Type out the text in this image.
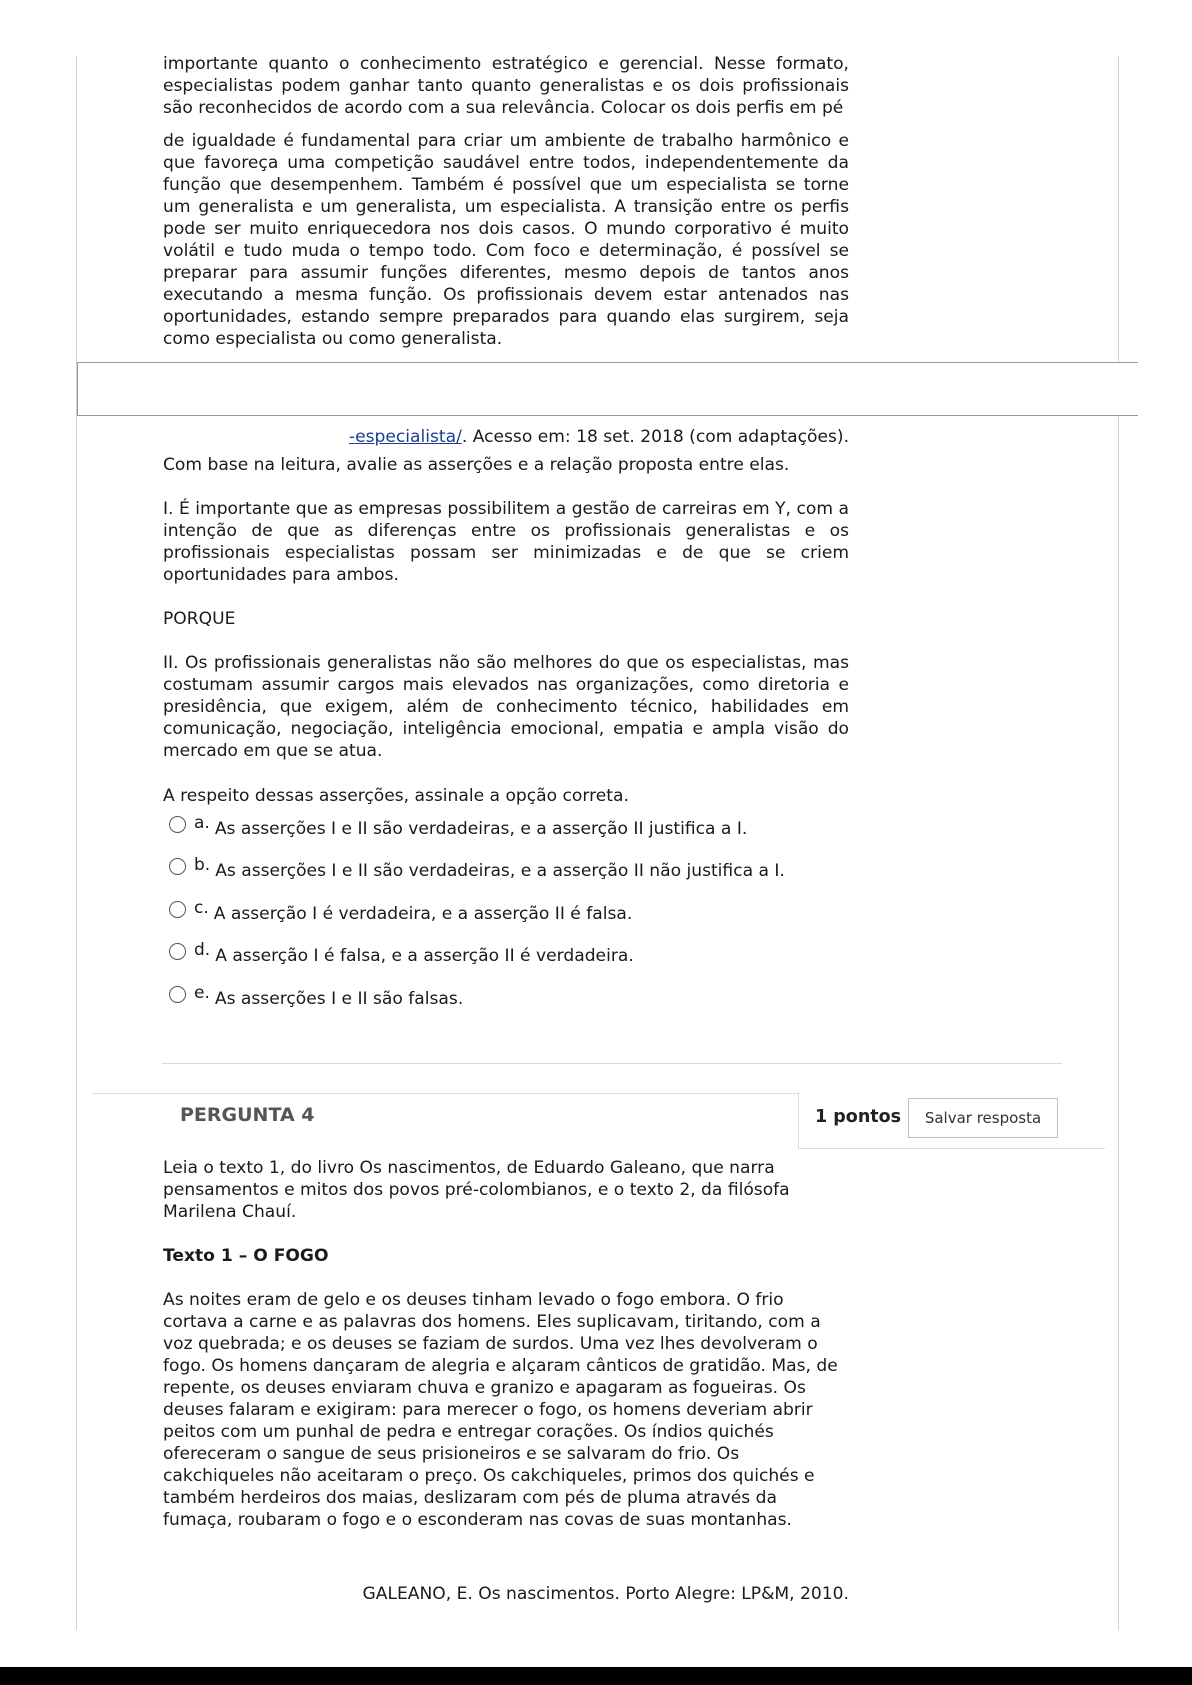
importante quanto o conhecimento estratégico e gerencial. Nesse formato, especialistas podem ganhar tanto quanto generalistas e os dois profissionais são reconhecidos de acordo com a sua relevância. Colocar os dois perfis em pé

de igualdade é fundamental para criar um ambiente de trabalho harmônico e que favoreça uma competição saudável entre todos, independentemente da função que desempenhem. Também é possível que um especialista se torne um generalista e um generalista, um especialista. A transição entre os perfis pode ser muito enriquecedora nos dois casos. O mundo corporativo é muito volátil e tudo muda o tempo todo. Com foco e determinação, é possível se preparar para assumir funções diferentes, mesmo depois de tantos anos executando a mesma função. Os profissionais devem estar antenados nas oportunidades, estando sempre preparados para quando elas surgirem, seja como especialista ou como generalista.

-especialista/. Acesso em: 18 set. 2018 (com adaptações).

Com base na leitura, avalie as asserções e a relação proposta entre elas.

I. É importante que as empresas possibilitem a gestão de carreiras em Y, com a intenção de que as diferenças entre os profissionais generalistas e os profissionais especialistas possam ser minimizadas e de que se criem oportunidades para ambos.

PORQUE

II. Os profissionais generalistas não são melhores do que os especialistas, mas costumam assumir cargos mais elevados nas organizações, como diretoria e presidência, que exigem, além de conhecimento técnico, habilidades em comunicação, negociação, inteligência emocional, empatia e ampla visão do mercado em que se atua.

A respeito dessas asserções, assinale a opção correta.

a. As asserções I e II são verdadeiras, e a asserção II justifica a I.
b. As asserções I e II são verdadeiras, e a asserção II não justifica a I.
c. A asserção I é verdadeira, e a asserção II é falsa.
d. A asserção I é falsa, e a asserção II é verdadeira.
e. As asserções I e II são falsas.
PERGUNTA 4	1 pontos	Salvar resposta

Leia o texto 1, do livro Os nascimentos, de Eduardo Galeano, que narra pensamentos e mitos dos povos pré-colombianos, e o texto 2, da filósofa Marilena Chauí.

Texto 1 – O FOGO

As noites eram de gelo e os deuses tinham levado o fogo embora. O frio cortava a carne e as palavras dos homens. Eles suplicavam, tiritando, com a voz quebrada; e os deuses se faziam de surdos. Uma vez lhes devolveram o fogo. Os homens dançaram de alegria e alçaram cânticos de gratidão. Mas, de repente, os deuses enviaram chuva e granizo e apagaram as fogueiras. Os deuses falaram e exigiram: para merecer o fogo, os homens deveriam abrir peitos com um punhal de pedra e entregar corações. Os índios quichés ofereceram o sangue de seus prisioneiros e se salvaram do frio. Os cakchiqueles não aceitaram o preço. Os cakchiqueles, primos dos quichés e também herdeiros dos maias, deslizaram com pés de pluma através da fumaça, roubaram o fogo e o esconderam nas covas de suas montanhas.

GALEANO, E. Os nascimentos. Porto Alegre: LP&M, 2010.
